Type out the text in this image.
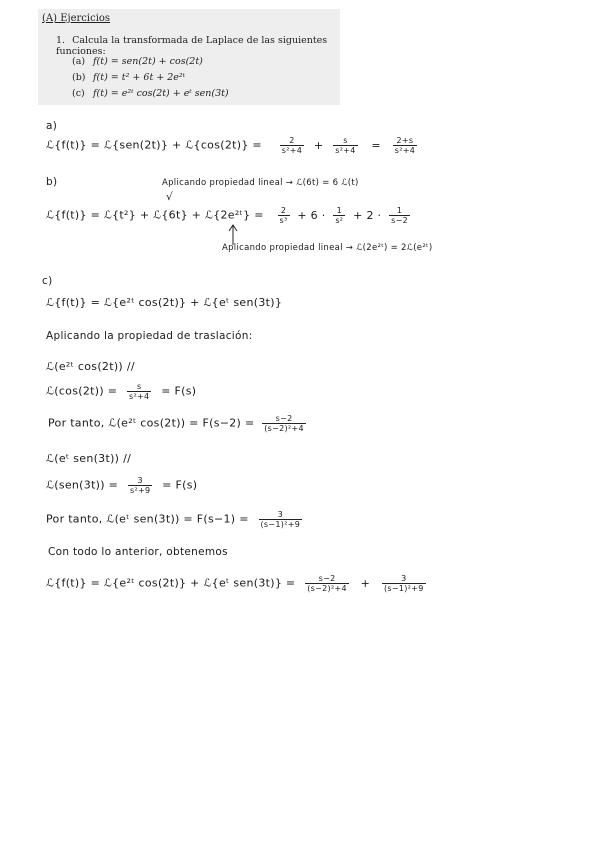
(A) Ejercicios
1. Calcula la transformada de Laplace de las siguientes funciones:
(a) f(t) = sen(2t) + cos(2t)
(b) f(t) = t² + 6t + 2e²ᵗ
(c) f(t) = e²ᵗ cos(2t) + eᵗ sen(3t)
a)
ℒ{f(t)} = ℒ{sen(2t)} + ℒ{cos(2t)} = $\frac{2}{\text{s²+4}} + \frac{s}{\text{s²+4}} = \frac{2+s}{\text{s²+4}}$
b)	Aplicando propiedad lineal → ℒ(6t) = 6 ℒ(t)
√
ℒ{f(t)} = ℒ{t²} + ℒ{6t} + ℒ{2e²ᵗ} = $\frac{2}{\text{s³}} + 6 \cdot \frac{1}{\text{s²}} + 2 \cdot \frac{1}{s-2}$
Aplicando propiedad lineal → ℒ(2e²ᵗ) = 2ℒ(e²ᵗ)
c)
ℒ{f(t)} = ℒ{e²ᵗ cos(2t)} + ℒ{eᵗ sen(3t)}
Aplicando la propiedad de traslación:
ℒ(e²ᵗ cos(2t)) //
ℒ(cos(2t)) = $\frac{s}{\text{s²+4}} = F(s)$
Por tanto, ℒ(e²ᵗ $\cos(2t)) = F(s-2) = \frac{s-2}{\text{(s−2)²+4}}$
ℒ(eᵗ sen(3t)) //
ℒ(sen(3t)) = $\frac{3}{\text{s²+9}} = F(s)$
Por tanto, ℒ(eᵗ $sen(3t)) = F(s-1) = \frac{3}{\text{(s−1)²+9}}$
Con todo lo anterior, obtenemos
ℒ{f(t)} = ℒ{e²ᵗ cos(2t)} + ℒ{eᵗ $sen(3t)\} = \frac{s-2}{\text{(s−2)²+4}} + \frac{3}{\text{(s−1)²+9}}$
